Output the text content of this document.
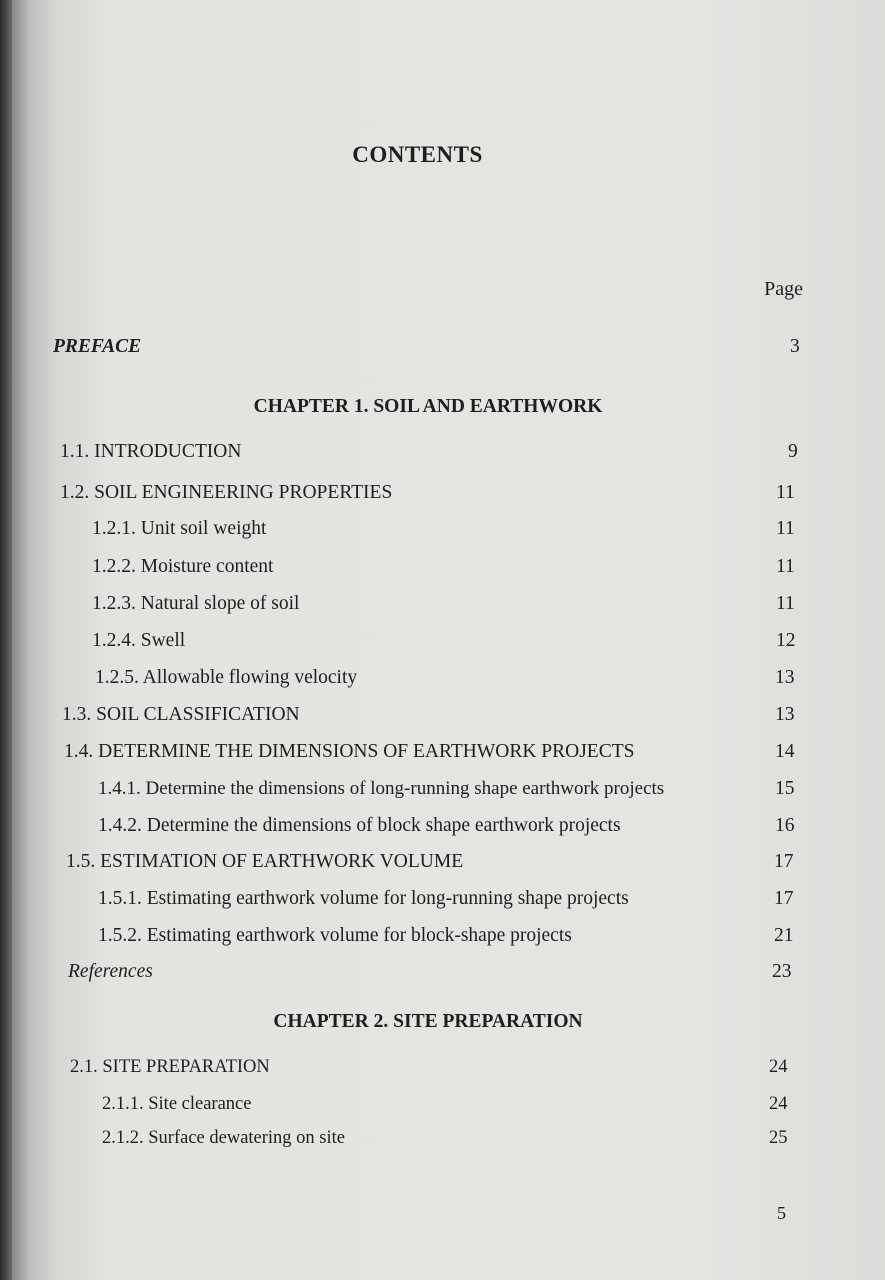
CONTENTS
Page
PREFACE	3
CHAPTER 1. SOIL AND EARTHWORK
1.1. INTRODUCTION	9
1.2. SOIL ENGINEERING PROPERTIES	11
1.2.1. Unit soil weight	11
1.2.2. Moisture content	11
1.2.3. Natural slope of soil	11
1.2.4. Swell	12
1.2.5. Allowable flowing velocity	13
1.3. SOIL CLASSIFICATION	13
1.4. DETERMINE THE DIMENSIONS OF EARTHWORK PROJECTS	14
1.4.1. Determine the dimensions of long-running shape earthwork projects	15
1.4.2. Determine the dimensions of block shape earthwork projects	16
1.5. ESTIMATION OF EARTHWORK VOLUME	17
1.5.1. Estimating earthwork volume for long-running shape projects	17
1.5.2. Estimating earthwork volume for block-shape projects	21
References	23
CHAPTER 2. SITE PREPARATION
2.1. SITE PREPARATION	24
2.1.1. Site clearance	24
2.1.2. Surface dewatering on site	25
5
